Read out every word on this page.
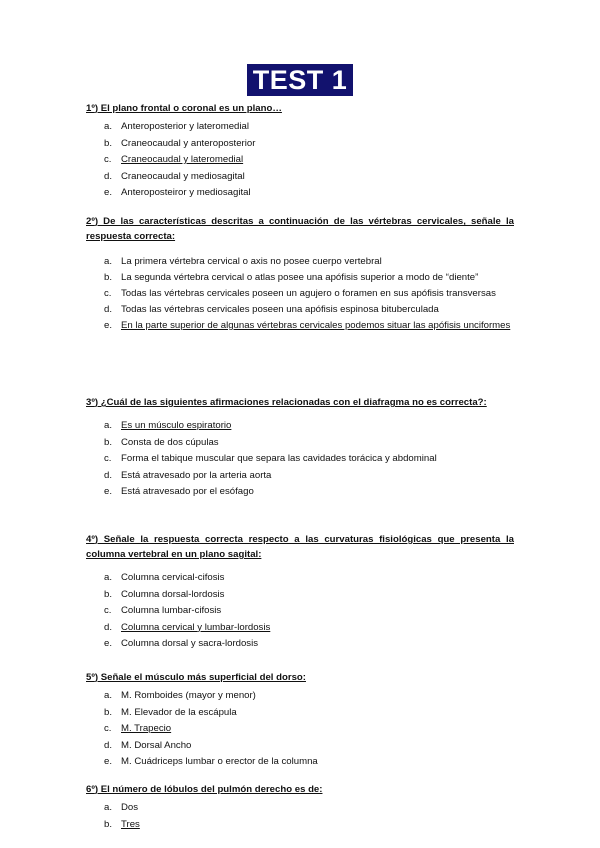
TEST 1

1º) El plano frontal o coronal es un plano…

a. Anteroposterior y lateromedial
b. Craneocaudal y anteroposterior
c. Craneocaudal y lateromedial
d. Craneocaudal y mediosagital
e. Anteroposteiror y mediosagital

2º) De las características descritas a continuación de las vértebras cervicales, señale la respuesta correcta:

a. La primera vértebra cervical o axis no posee cuerpo vertebral
b. La segunda vértebra cervical o atlas posee una apófisis superior a modo de “diente”
c. Todas las vértebras cervicales poseen un agujero o foramen en sus apófisis transversas
d. Todas las vértebras cervicales poseen una apófisis espinosa bituberculada
e. En la parte superior de algunas vértebras cervicales podemos situar las apófisis unciformes

3º) ¿Cuál de las siguientes afirmaciones relacionadas con el diafragma no es correcta?:

a. Es un músculo espiratorio
b. Consta de dos cúpulas
c. Forma el tabique muscular que separa las cavidades torácica y abdominal
d. Está atravesado por la arteria aorta
e. Está atravesado por el esófago

4º) Señale la respuesta correcta respecto a las curvaturas fisiológicas que presenta la columna vertebral en un plano sagital:

a. Columna cervical-cifosis
b. Columna dorsal-lordosis
c. Columna lumbar-cifosis
d. Columna cervical y lumbar-lordosis
e. Columna dorsal y sacra-lordosis

5º) Señale el músculo más superficial del dorso:

a. M. Romboides (mayor y menor)
b. M. Elevador de la escápula
c. M. Trapecio
d. M. Dorsal Ancho
e. M. Cuádriceps lumbar o erector de la columna

6º) El número de lóbulos del pulmón derecho es de:

a. Dos
b. Tres
